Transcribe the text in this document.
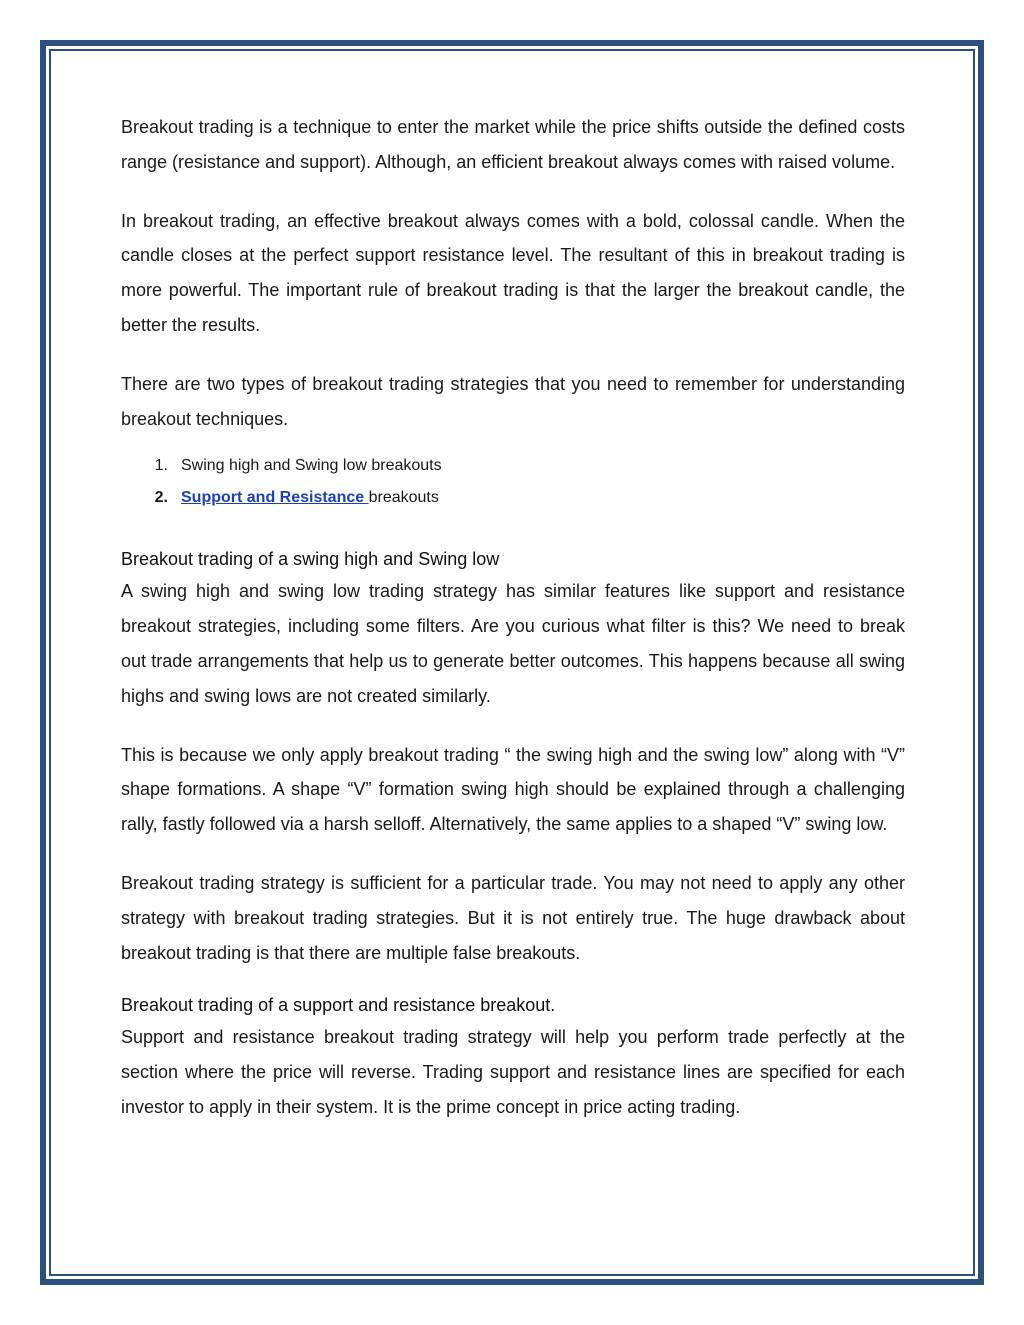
Breakout trading is a technique to enter the market while the price shifts outside the defined costs range (resistance and support). Although, an efficient breakout always comes with raised volume.

In breakout trading, an effective breakout always comes with a bold, colossal candle. When the candle closes at the perfect support resistance level. The resultant of this in breakout trading is more powerful. The important rule of breakout trading is that the larger the breakout candle, the better the results.

There are two types of breakout trading strategies that you need to remember for understanding breakout techniques.

1. Swing high and Swing low breakouts
2. Support and Resistance breakouts

Breakout trading of a swing high and Swing low

A swing high and swing low trading strategy has similar features like support and resistance breakout strategies, including some filters. Are you curious what filter is this? We need to break out trade arrangements that help us to generate better outcomes. This happens because all swing highs and swing lows are not created similarly.

This is because we only apply breakout trading “ the swing high and the swing low” along with “V” shape formations. A shape “V” formation swing high should be explained through a challenging rally, fastly followed via a harsh selloff. Alternatively, the same applies to a shaped “V” swing low.

Breakout trading strategy is sufficient for a particular trade. You may not need to apply any other strategy with breakout trading strategies. But it is not entirely true. The huge drawback about breakout trading is that there are multiple false breakouts.

Breakout trading of a support and resistance breakout.

Support and resistance breakout trading strategy will help you perform trade perfectly at the section where the price will reverse. Trading support and resistance lines are specified for each investor to apply in their system. It is the prime concept in price acting trading.
